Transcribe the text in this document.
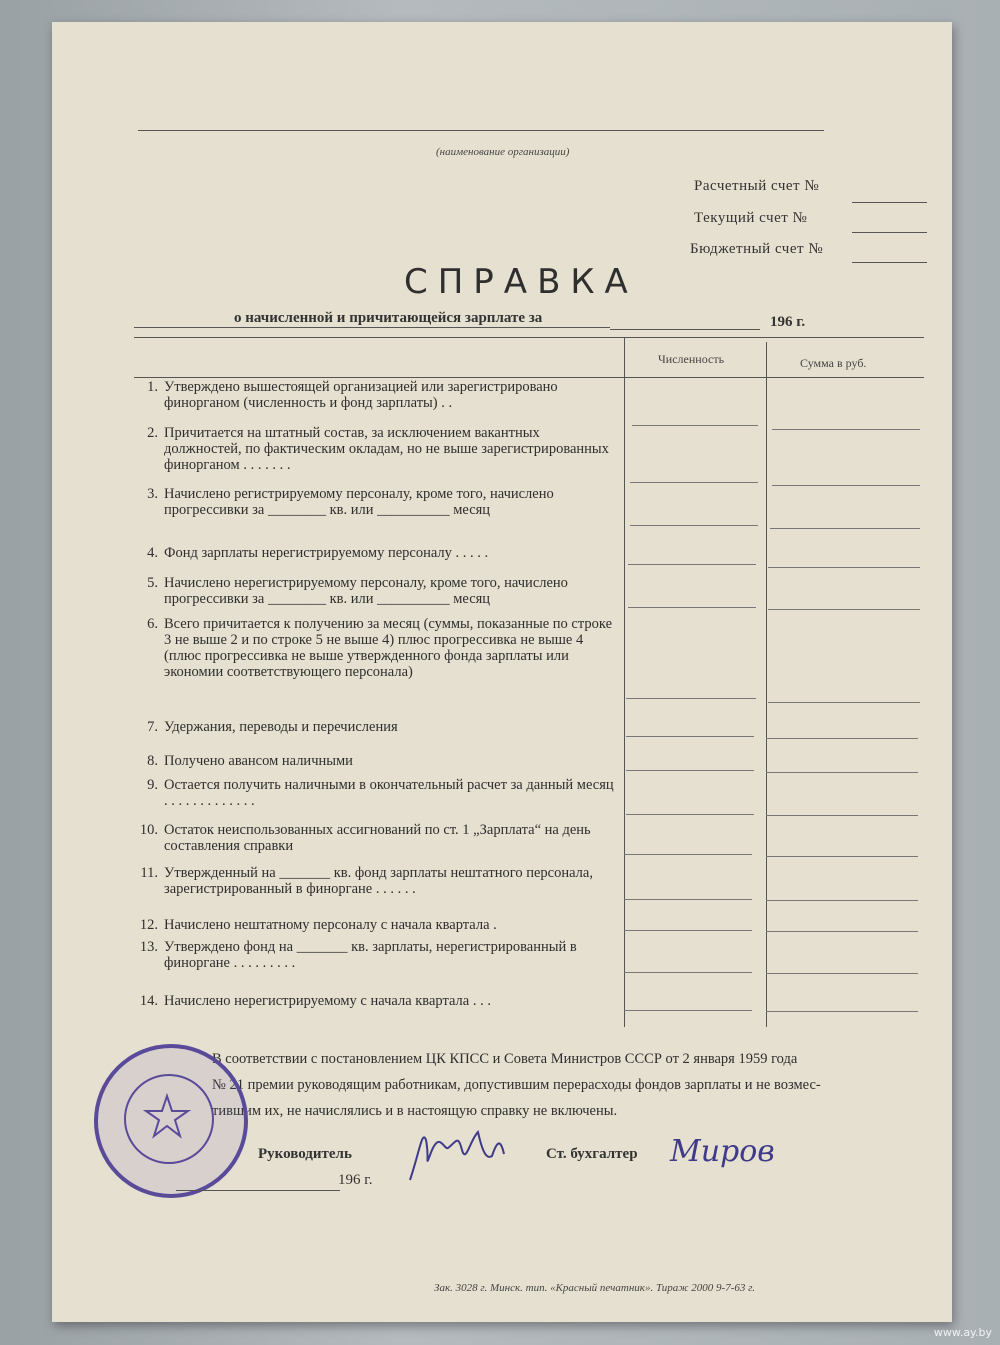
(наименование организации)
Расчетный счет №
Текущий счет №
Бюджетный счет №
СПРАВКА
о начисленной и причитающейся зарплате за	196 г.
Численность	Сумма в руб.
1. Утверждено вышестоящей организацией или зарегистрировано финорганом (численность и фонд зарплаты) . .
2. Причитается на штатный состав, за исключением вакантных должностей, по фактическим окладам, но не выше зарегистрированных финорганом . . . . . . .
3. Начислено регистрируемому персоналу, кроме того, начислено прогрессивки за ________ кв. или __________ месяц
4. Фонд зарплаты нерегистрируемому персоналу . . . . .
5. Начислено нерегистрируемому персоналу, кроме того, начислено прогрессивки за ________ кв. или __________ месяц
6. Всего причитается к получению за месяц (суммы, показанные по строке 3 не выше 2 и по строке 5 не выше 4) плюс прогрессивка не выше 4 (плюс прогрессивка не выше утвержденного фонда зарплаты или экономии соответствующего персонала)
7. Удержания, переводы и перечисления
8. Получено авансом наличными
9. Остается получить наличными в окончательный расчет за данный месяц . . . . . . . . . . . . .
10. Остаток неиспользованных ассигнований по ст. 1 „Зарплата“ на день составления справки
11. Утвержденный на _______ кв. фонд зарплаты нештатного персонала, зарегистрированный в финоргане . . . . . .
12. Начислено нештатному персоналу с начала квартала .
13. Утверждено фонд на _______ кв. зарплаты, нерегистрированный в финоргане . . . . . . . . .
14. Начислено нерегистрируемому с начала квартала . . .
В соответствии с постановлением ЦК КПСС и Совета Министров СССР от 2 января 1959 года
№ 21 премии руководящим работникам, допустившим перерасходы фондов зарплаты и не возмес-
тившим их, не начислялись и в настоящую справку не включены.
Руководитель	Ст. бухгалтер Миров
196 г.
Зак. 3028 г. Минск. тип. «Красный печатник». Тираж 2000 9-7-63 г.
www.ay.by
